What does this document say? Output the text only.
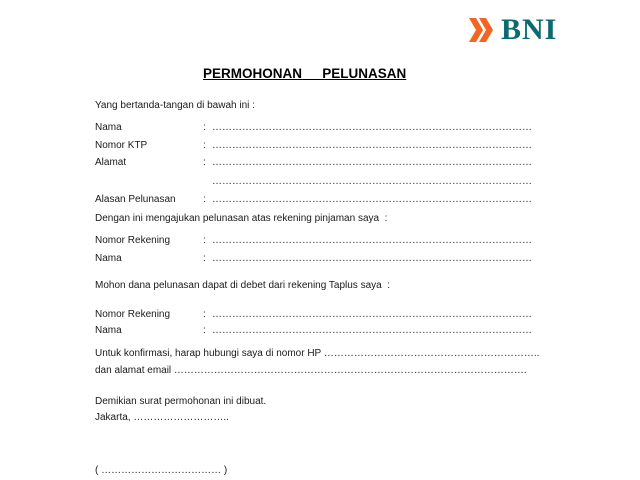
BNI
PERMOHONAN   PELUNASAN
Yang bertanda-tangan di bawah ini :
Nama	: ……………………………………………………………………………………
Nomor KTP	: ……………………………………………………………………………………
Alamat	: ……………………………………………………………………………………
……………………………………………………………………………………
Alasan Pelunasan	: ……………………………………………………………………………………
Dengan ini mengajukan pelunasan atas rekening pinjaman saya  :
Nomor Rekening	: ……………………………………………………………………………………
Nama	: ……………………………………………………………………………………
Mohon dana pelunasan dapat di debet dari rekening Taplus saya  :
Nomor Rekening	: ……………………………………………………………………………………
Nama	: ……………………………………………………………………………………
Untuk konfirmasi, harap hubungi saya di nomor HP ………………………………………………………..
dan alamat email …………………………………………………………………………………………….
Demikian surat permohonan ini dibuat.
Jakarta, ………………………..
( ……………………………… )
